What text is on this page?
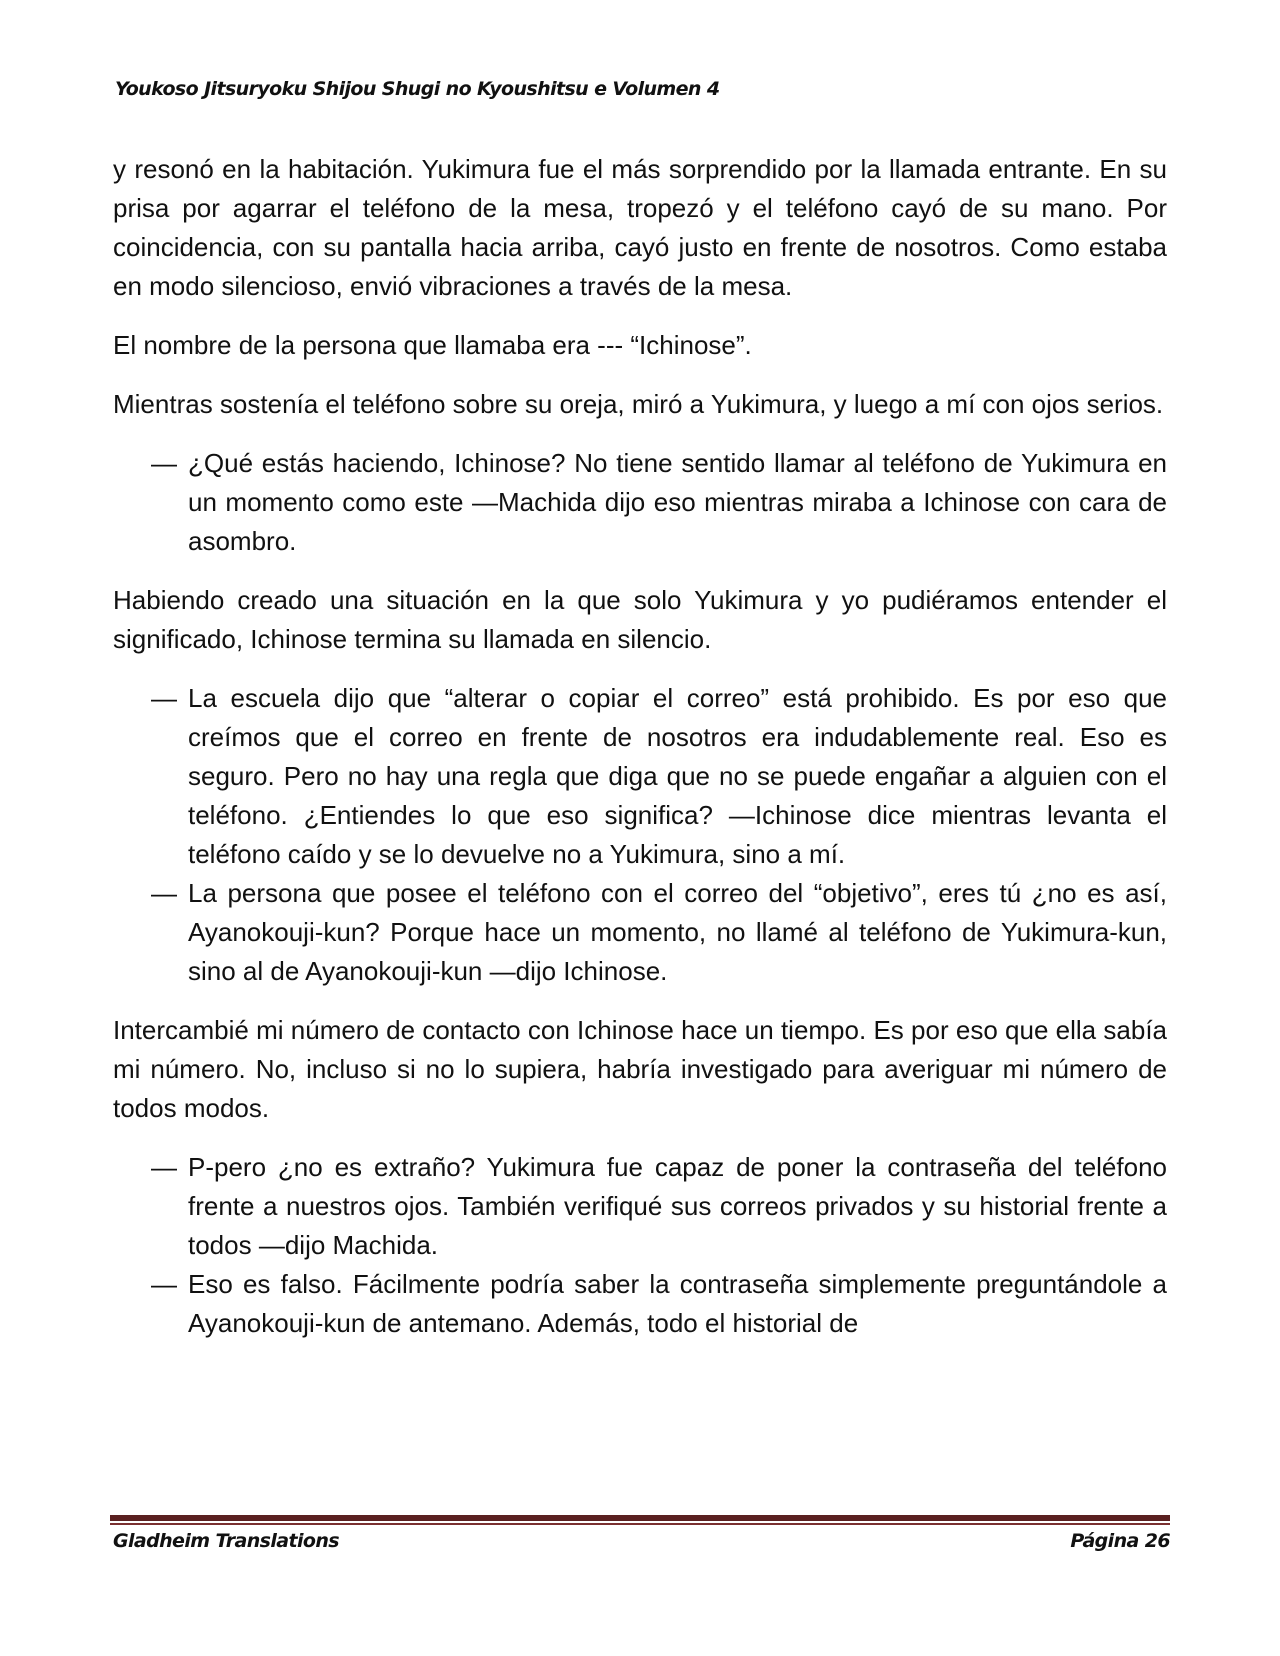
Youkoso Jitsuryoku Shijou Shugi no Kyoushitsu e Volumen 4
y resonó en la habitación. Yukimura fue el más sorprendido por la llamada entrante. En su prisa por agarrar el teléfono de la mesa, tropezó y el teléfono cayó de su mano. Por coincidencia, con su pantalla hacia arriba, cayó justo en frente de nosotros. Como estaba en modo silencioso, envió vibraciones a través de la mesa.
El nombre de la persona que llamaba era --- “Ichinose”.
Mientras sostenía el teléfono sobre su oreja, miró a Yukimura, y luego a mí con ojos serios.
— ¿Qué estás haciendo, Ichinose? No tiene sentido llamar al teléfono de Yukimura en un momento como este —Machida dijo eso mientras miraba a Ichinose con cara de asombro.
Habiendo creado una situación en la que solo Yukimura y yo pudiéramos entender el significado, Ichinose termina su llamada en silencio.
— La escuela dijo que “alterar o copiar el correo” está prohibido. Es por eso que creímos que el correo en frente de nosotros era indudablemente real. Eso es seguro. Pero no hay una regla que diga que no se puede engañar a alguien con el teléfono. ¿Entiendes lo que eso significa? —Ichinose dice mientras levanta el teléfono caído y se lo devuelve no a Yukimura, sino a mí.
— La persona que posee el teléfono con el correo del “objetivo”, eres tú ¿no es así, Ayanokouji-kun? Porque hace un momento, no llamé al teléfono de Yukimura-kun, sino al de Ayanokouji-kun —dijo Ichinose.
Intercambié mi número de contacto con Ichinose hace un tiempo. Es por eso que ella sabía mi número. No, incluso si no lo supiera, habría investigado para averiguar mi número de todos modos.
— P-pero ¿no es extraño? Yukimura fue capaz de poner la contraseña del teléfono frente a nuestros ojos. También verifiqué sus correos privados y su historial frente a todos —dijo Machida.
— Eso es falso. Fácilmente podría saber la contraseña simplemente preguntándole a Ayanokouji-kun de antemano. Además, todo el historial de
Gladheim Translations	Página 26
